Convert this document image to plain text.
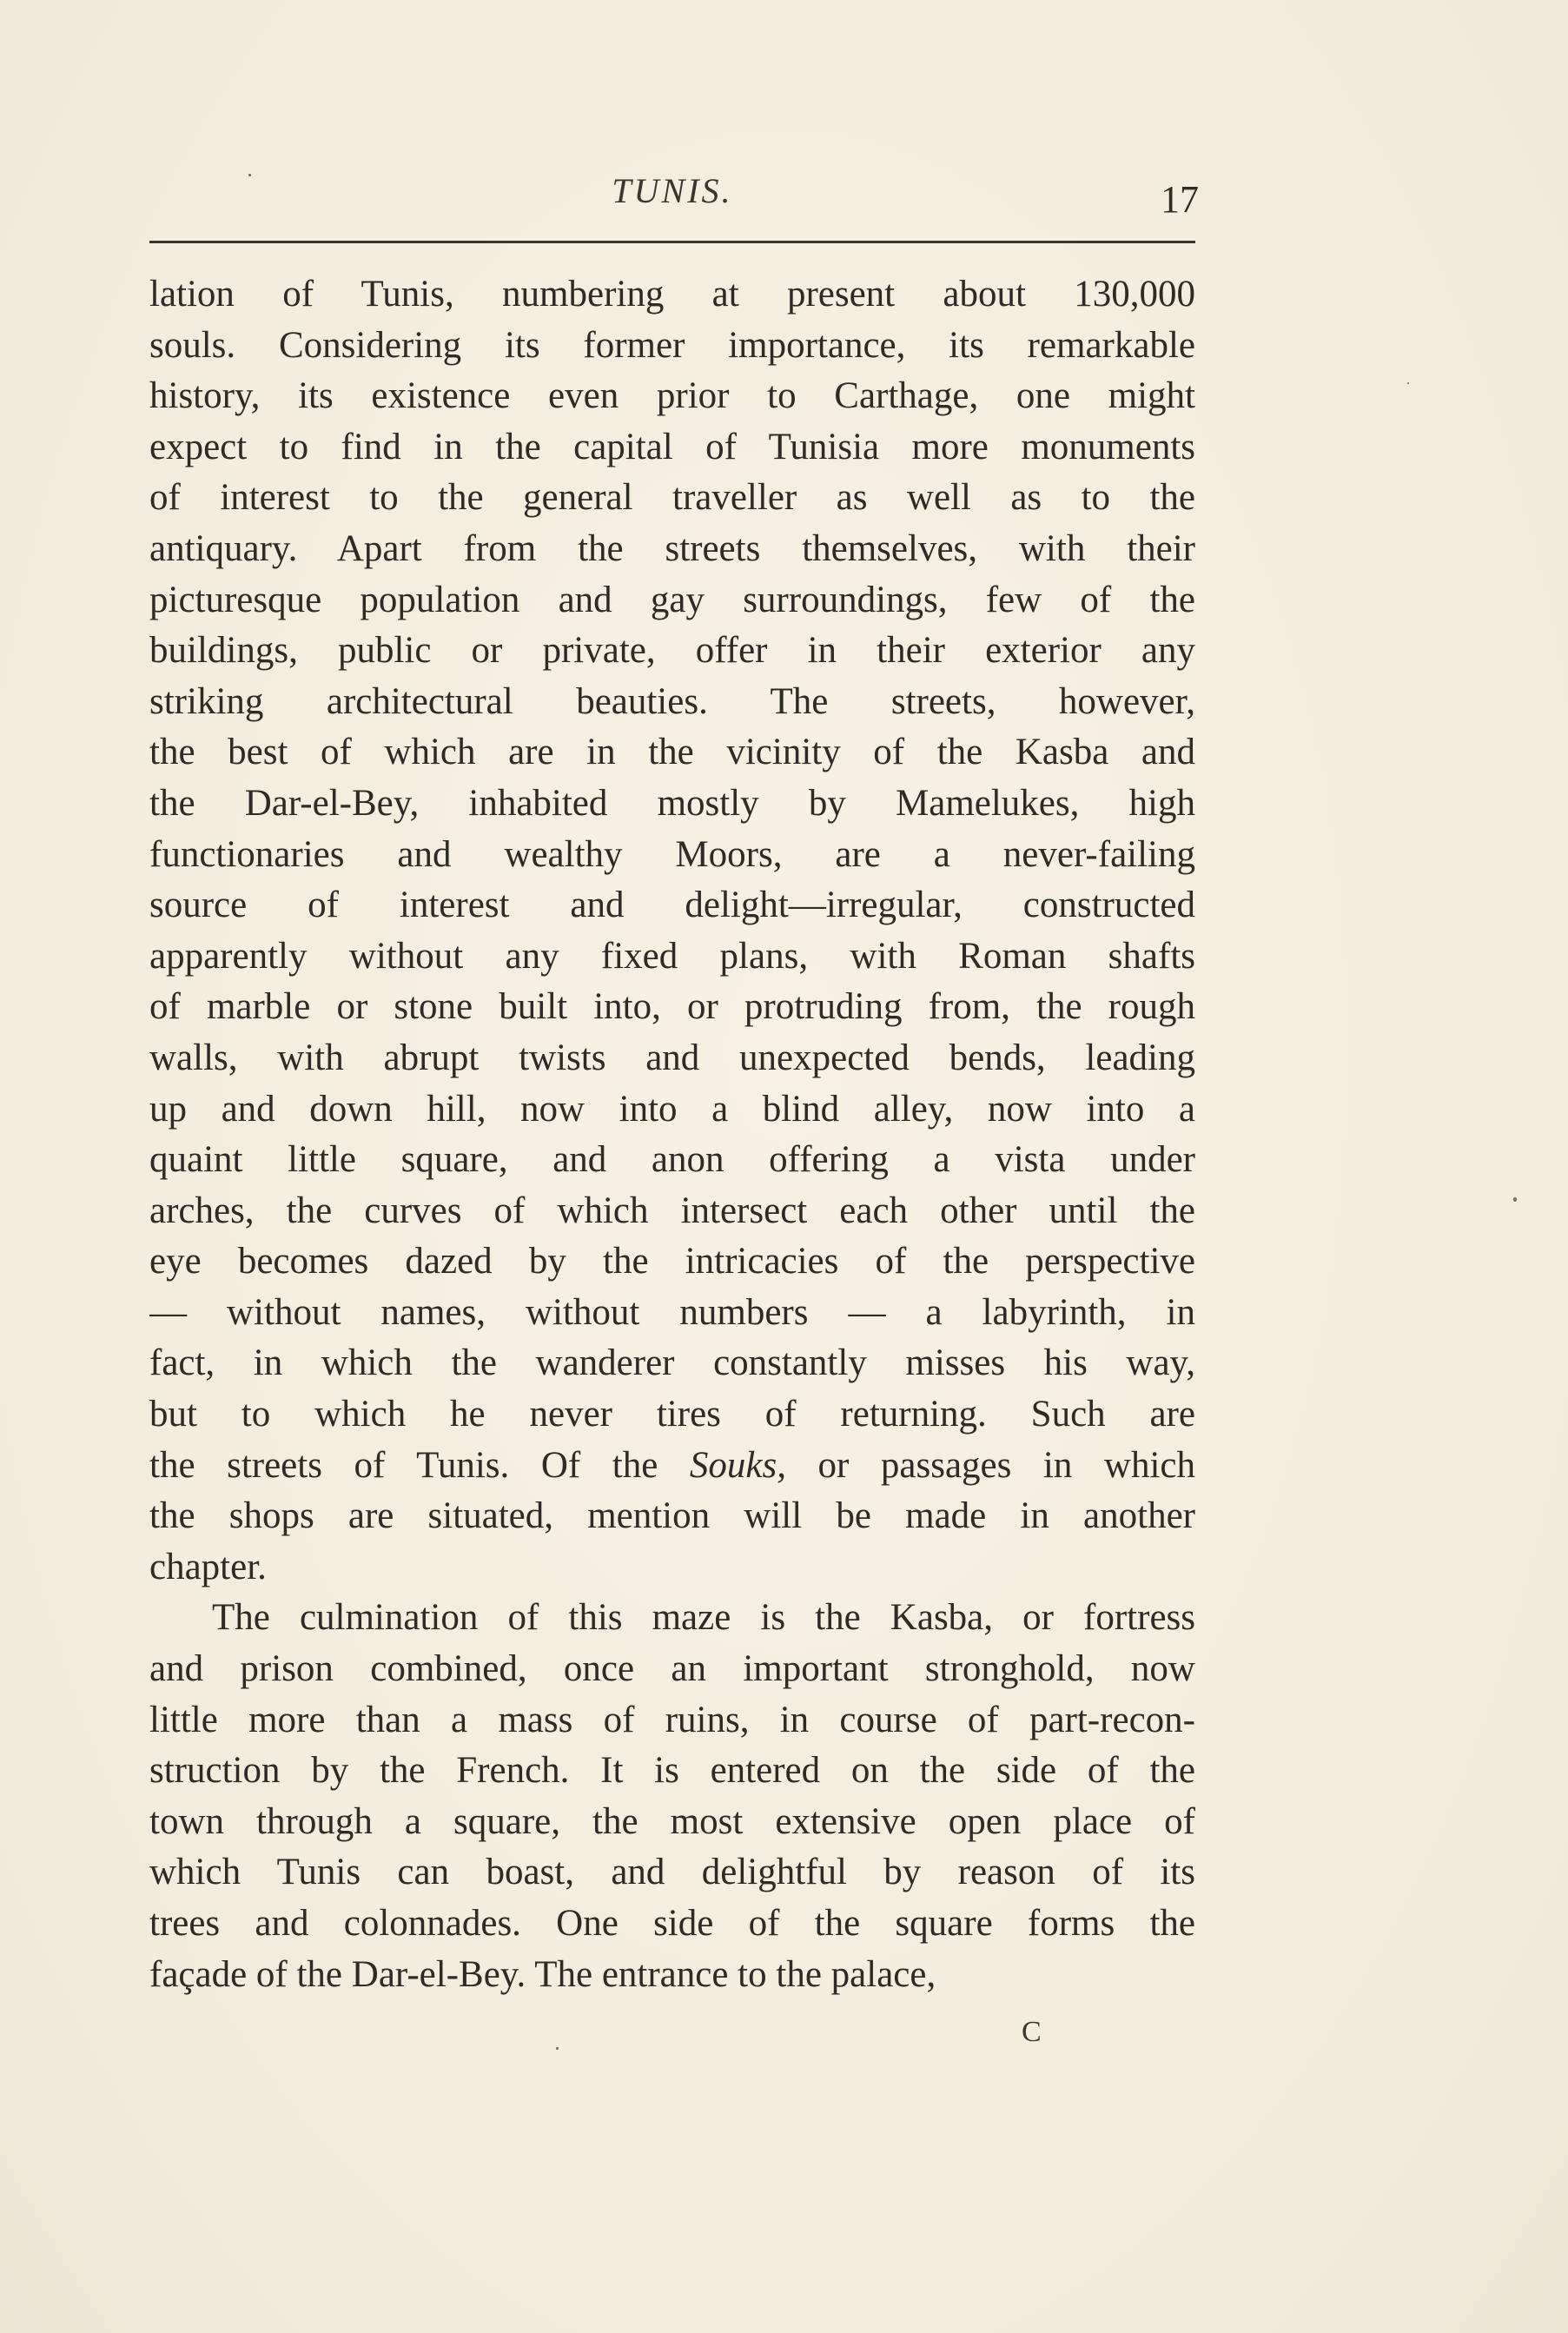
TUNIS.	17
lation of Tunis, numbering at present about 130,000
souls. Considering its former importance, its remarkable
history, its existence even prior to Carthage, one might
expect to find in the capital of Tunisia more monuments
of interest to the general traveller as well as to the
antiquary. Apart from the streets themselves, with their
picturesque population and gay surroundings, few of the
buildings, public or private, offer in their exterior any
striking architectural beauties. The streets, however,
the best of which are in the vicinity of the Kasba and
the Dar-el-Bey, inhabited mostly by Mamelukes, high
functionaries and wealthy Moors, are a never-failing
source of interest and delight—irregular, constructed
apparently without any fixed plans, with Roman shafts
of marble or stone built into, or protruding from, the rough
walls, with abrupt twists and unexpected bends, leading
up and down hill, now into a blind alley, now into a
quaint little square, and anon offering a vista under
arches, the curves of which intersect each other until the
eye becomes dazed by the intricacies of the perspective
— without names, without numbers — a labyrinth, in
fact, in which the wanderer constantly misses his way,
but to which he never tires of returning. Such are
the streets of Tunis. Of the Souks, or passages in which
the shops are situated, mention will be made in another
chapter.
The culmination of this maze is the Kasba, or fortress
and prison combined, once an important stronghold, now
little more than a mass of ruins, in course of part-recon-
struction by the French. It is entered on the side of the
town through a square, the most extensive open place of
which Tunis can boast, and delightful by reason of its
trees and colonnades. One side of the square forms the
façade of the Dar-el-Bey. The entrance to the palace,
C
